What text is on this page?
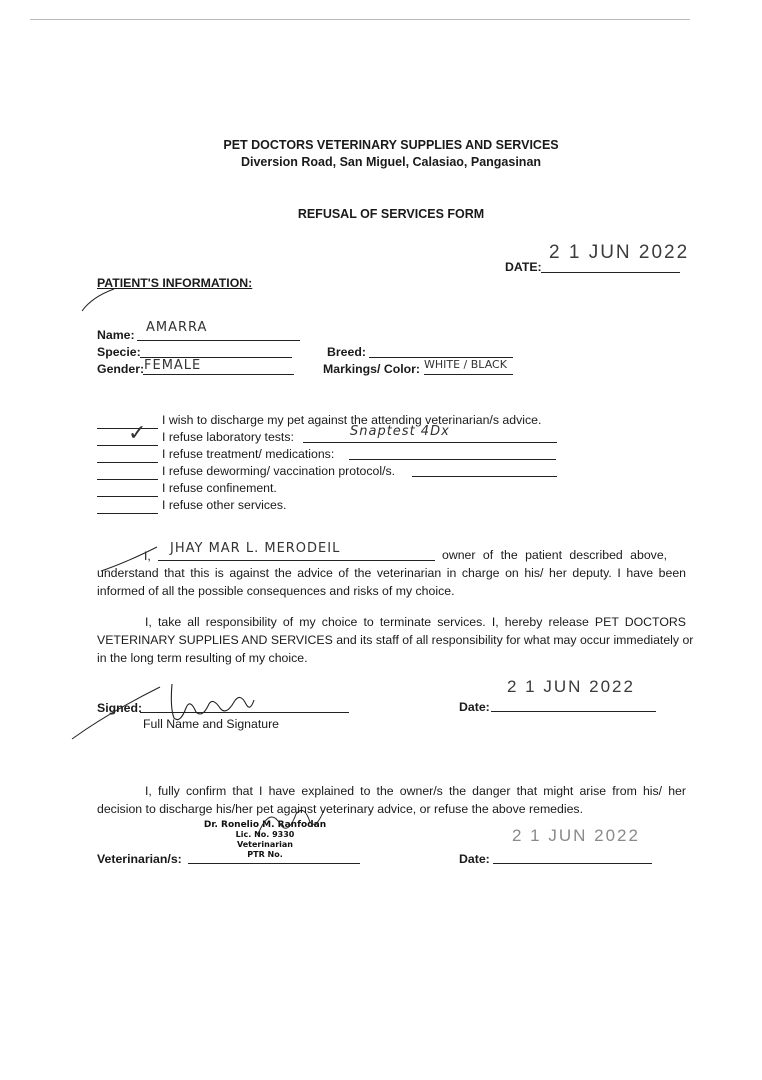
PET DOCTORS VETERINARY SUPPLIES AND SERVICES
Diversion Road, San Miguel, Calasiao, Pangasinan
REFUSAL OF SERVICES FORM
DATE:
2 1 JUN 2022
PATIENT'S INFORMATION:
Name: AMARRA
Specie:	Breed:
Gender: FEMALE	Markings/ Color: WHITE / BLACK
I wish to discharge my pet against the attending veterinarian/s advice.
✓ I refuse laboratory tests:	Snaptest 4Dx
I refuse treatment/ medications:
I refuse deworming/ vaccination protocol/s.
I refuse confinement.
I refuse other services.
I, JHAY MAR L. MERODEIL	owner of the patient described above,
understand that this is against the advice of the veterinarian in charge on his/ her deputy. I have been
informed of all the possible consequences and risks of my choice.
I, take all responsibility of my choice to terminate services. I, hereby release PET DOCTORS
VETERINARY SUPPLIES AND SERVICES and its staff of all responsibility for what may occur immediately or
in the long term resulting of my choice.
Signed:
Full Name and Signature
Date:
2 1 JUN 2022
I, fully confirm that I have explained to the owner/s the danger that might arise from his/ her
decision to discharge his/her pet against veterinary advice, or refuse the above remedies.
Veterinarian/s:
Dr. Ronelio M. Ranfodan
Lic. No. 9330
Veterinarian
PTR No.	Date:
2 1 JUN 2022
